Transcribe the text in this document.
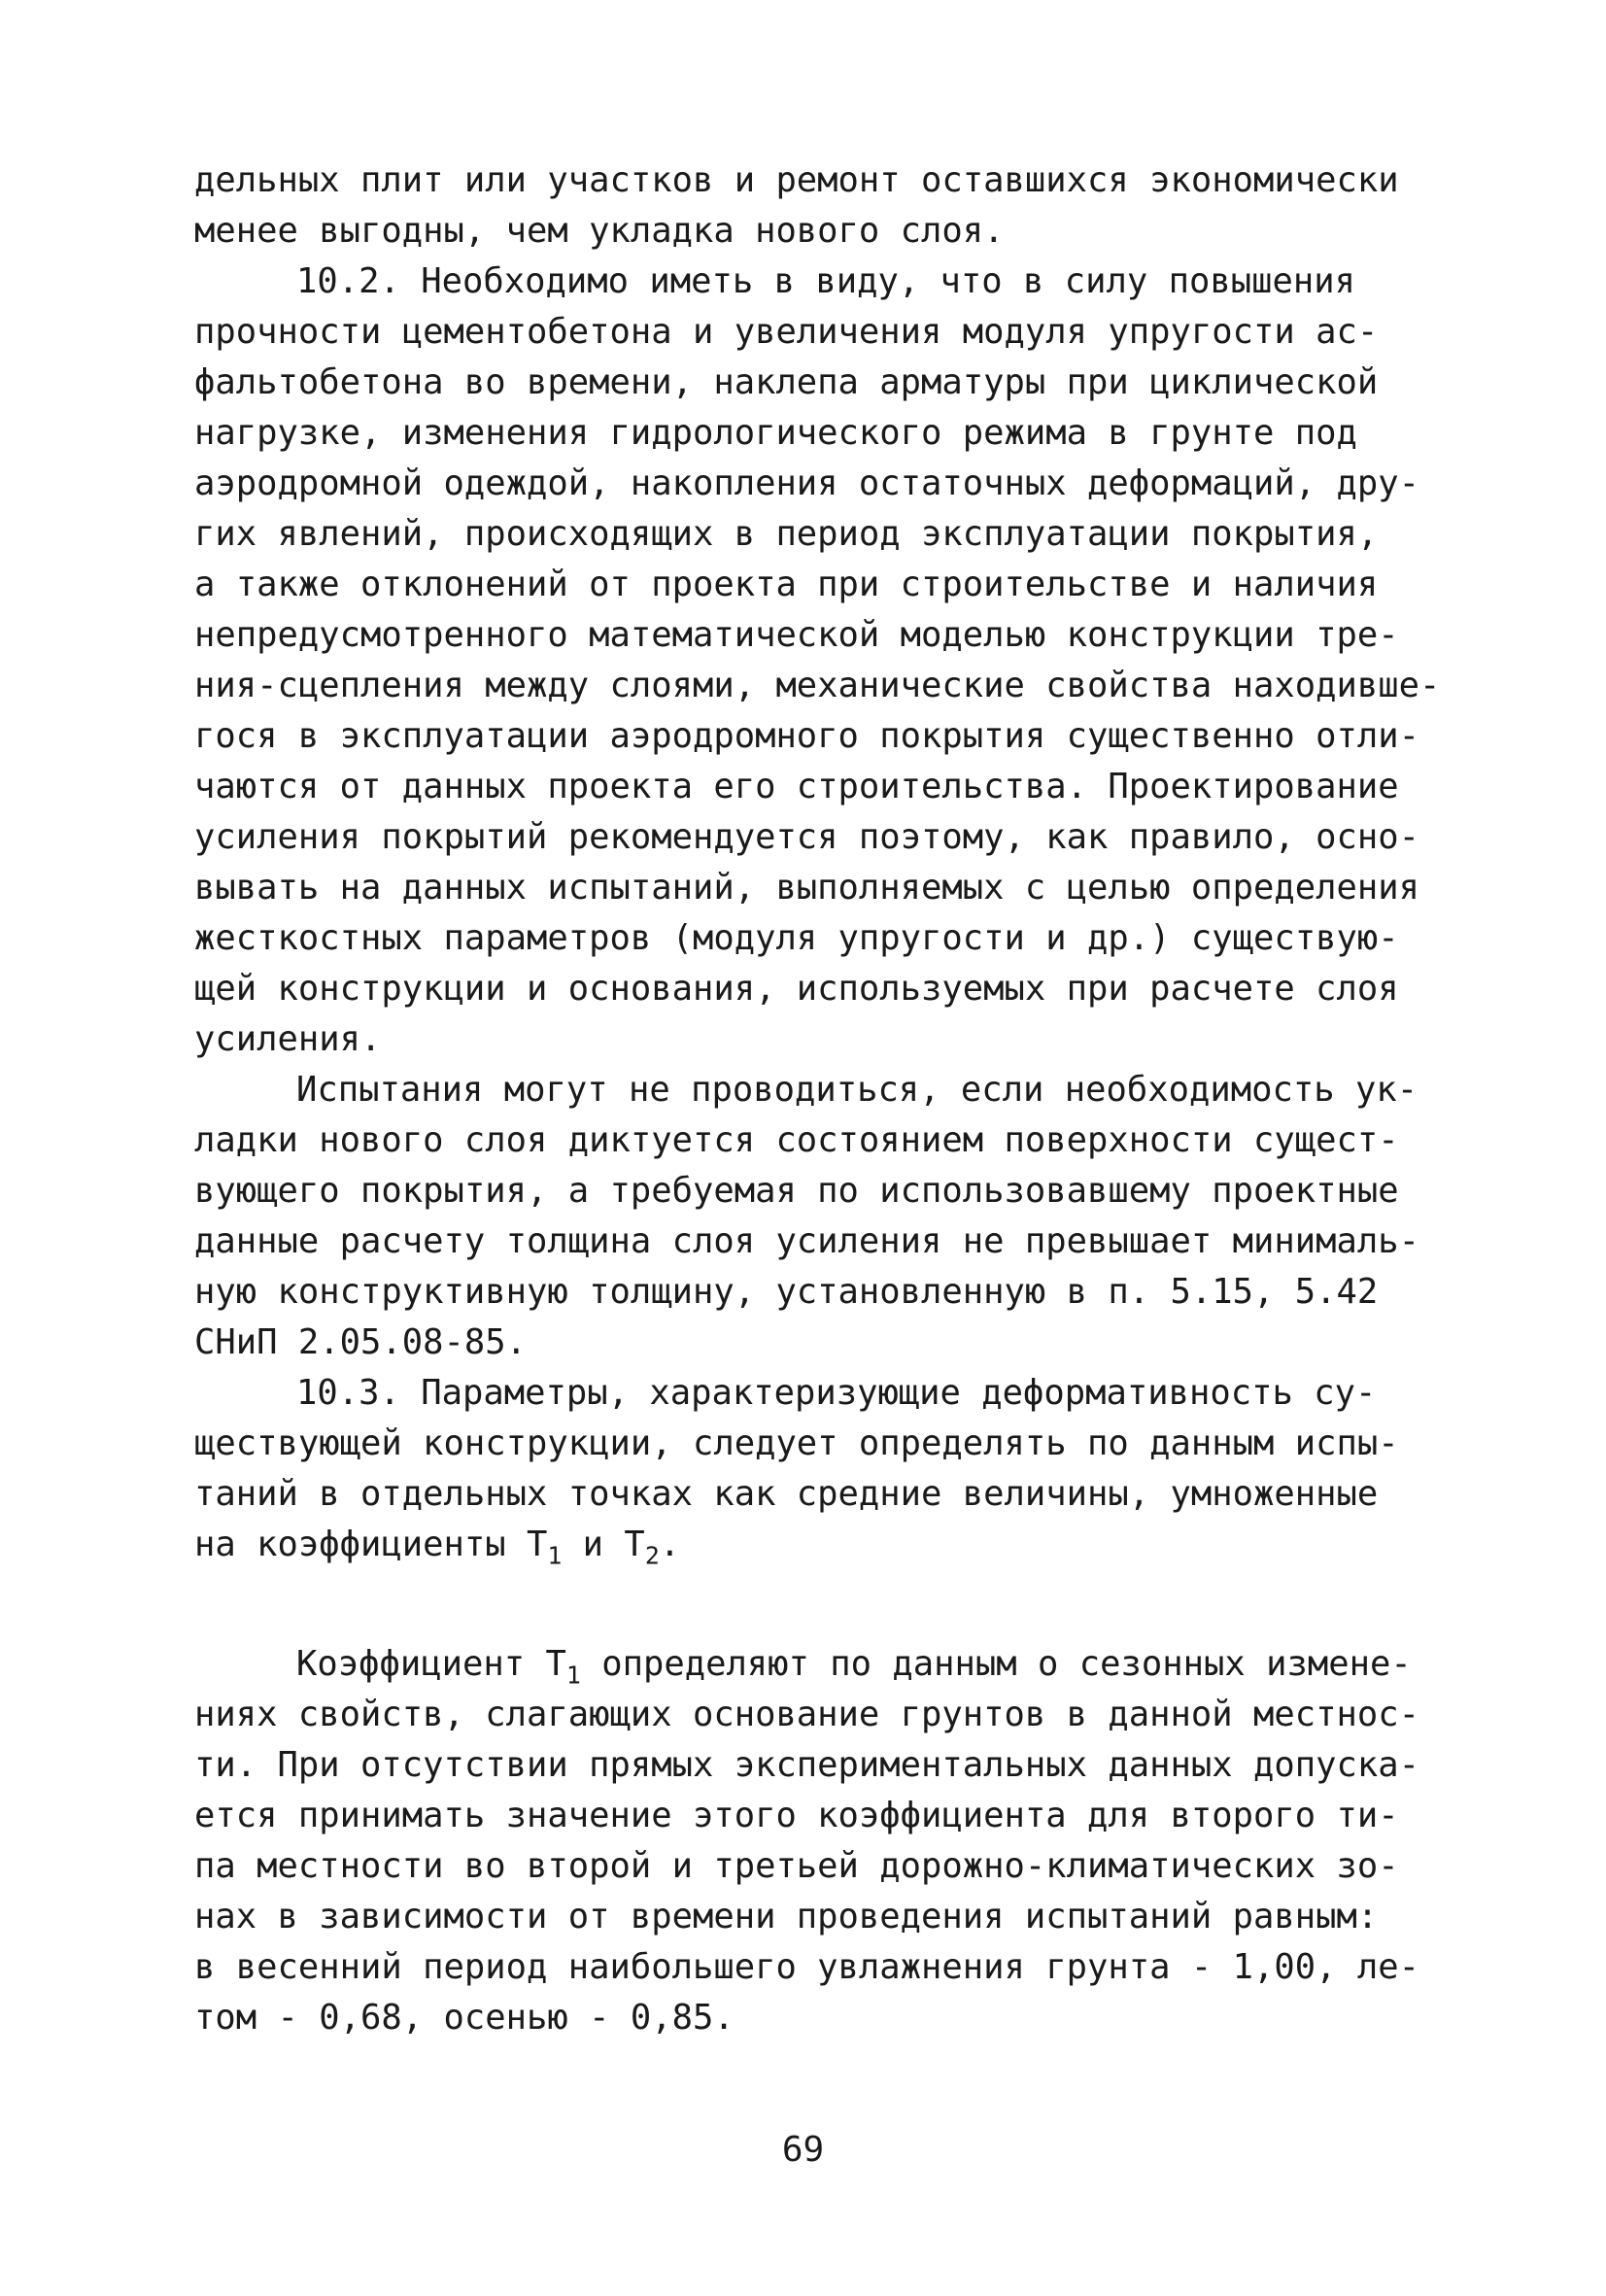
дельных плит или участков и ремонт оставшихся экономически
менее выгодны, чем укладка нового слоя.
10.2. Необходимо иметь в виду, что в силу повышения
прочности цементобетона и увеличения модуля упругости ас-
фальтобетона во времени, наклепа арматуры при циклической
нагрузке, изменения гидрологического режима в грунте под
аэродромной одеждой, накопления остаточных деформаций, дру-
гих явлений, происходящих в период эксплуатации покрытия,
а также отклонений от проекта при строительстве и наличия
непредусмотренного математической моделью конструкции тре-
ния-сцепления между слоями, механические свойства находивше-
гося в эксплуатации аэродромного покрытия существенно отли-
чаются от данных проекта его строительства. Проектирование
усиления покрытий рекомендуется поэтому, как правило, осно-
вывать на данных испытаний, выполняемых с целью определения
жесткостных параметров (модуля упругости и др.) существую-
щей конструкции и основания, используемых при расчете слоя
усиления.
Испытания могут не проводиться, если необходимость ук-
ладки нового слоя диктуется состоянием поверхности сущест-
вующего покрытия, а требуемая по использовавшему проектные
данные расчету толщина слоя усиления не превышает минималь-
ную конструктивную толщину, установленную в п. 5.15, 5.42
СНиП 2.05.08-85.
10.3. Параметры, характеризующие деформативность су-
ществующей конструкции, следует определять по данным испы-
таний в отдельных точках как средние величины, умноженные
на коэффициенты $T_1$ и $T_2$.
Коэффициент $T_1$ определяют по данным о сезонных измене-
ниях свойств, слагающих основание грунтов в данной местнос-
ти. При отсутствии прямых экспериментальных данных допуска-
ется принимать значение этого коэффициента для второго ти-
па местности во второй и третьей дорожно-климатических зо-
нах в зависимости от времени проведения испытаний равным:
в весенний период наибольшего увлажнения грунта - 1,00, ле-
том - 0,68, осенью - 0,85.
69
